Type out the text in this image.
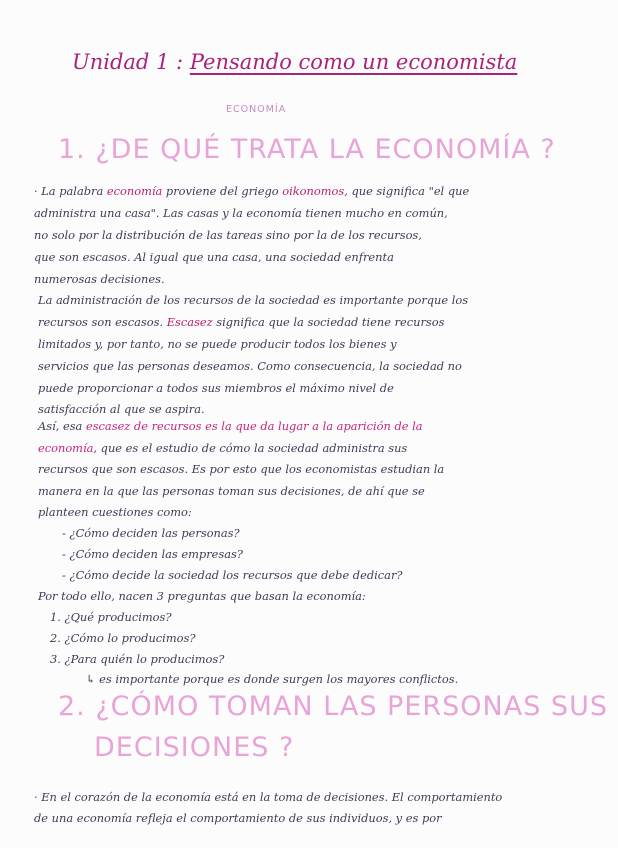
Unidad 1 : Pensando como un economista
ECONOMÍA
1. ¿DE QUÉ TRATA LA ECONOMÍA ?
· La palabra economía proviene del griego oikonomos, que significa "el que
administra una casa". Las casas y la economía tienen mucho en común,
no solo por la distribución de las tareas sino por la de los recursos,
que son escasos. Al igual que una casa, una sociedad enfrenta
numerosas decisiones.
La administración de los recursos de la sociedad es importante porque los
recursos son escasos. Escasez significa que la sociedad tiene recursos
limitados y, por tanto, no se puede producir todos los bienes y
servicios que las personas deseamos. Como consecuencia, la sociedad no
puede proporcionar a todos sus miembros el máximo nivel de
satisfacción al que se aspira.
Así, esa escasez de recursos es la que da lugar a la aparición de la
economía, que es el estudio de cómo la sociedad administra sus
recursos que son escasos. Es por esto que los economistas estudian la
manera en la que las personas toman sus decisiones, de ahí que se
planteen cuestiones como:
- ¿Cómo deciden las personas?
- ¿Cómo deciden las empresas?
- ¿Cómo decide la sociedad los recursos que debe dedicar?
Por todo ello, nacen 3 preguntas que basan la economía:
1. ¿Qué producimos?
2. ¿Cómo lo producimos?
3. ¿Para quién lo producimos?
↳ es importante porque es donde surgen los mayores conflictos.
· En el corazón de la economía está en la toma de decisiones. El comportamiento
de una economía refleja el comportamiento de sus individuos, y es por
2. ¿CÓMO TOMAN LAS PERSONAS SUS
DECISIONES ?
